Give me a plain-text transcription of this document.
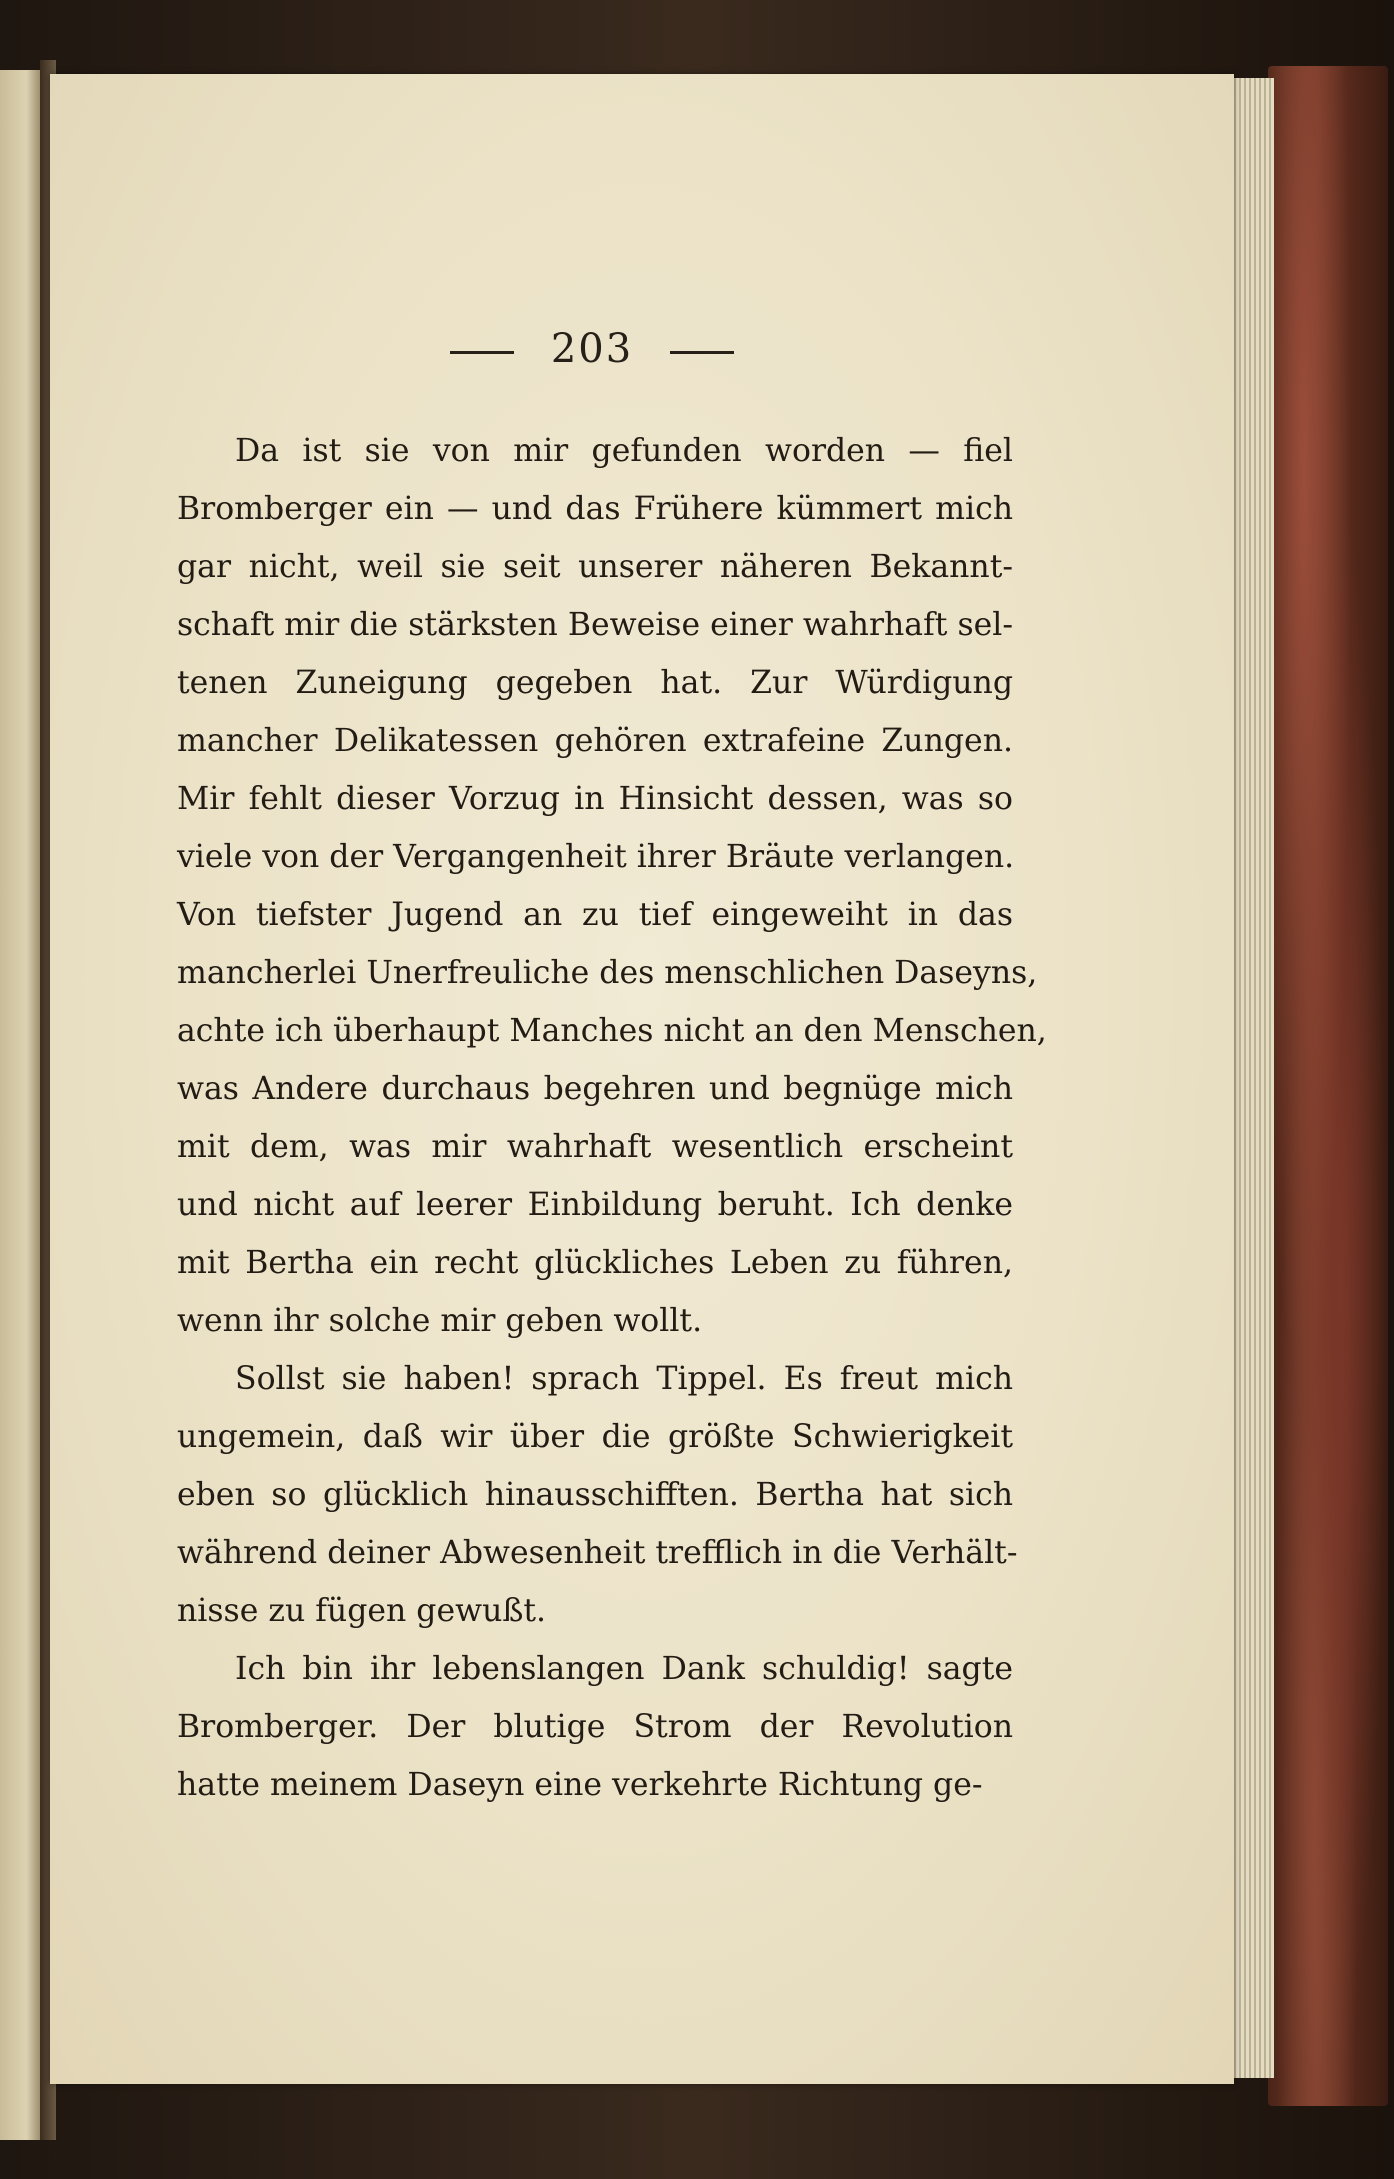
203
Da ist sie von mir gefunden worden — fiel
Bromberger ein — und das Frühere kümmert mich
gar nicht, weil sie seit unserer näheren Bekannt-
schaft mir die stärksten Beweise einer wahrhaft sel-
tenen Zuneigung gegeben hat. Zur Würdigung
mancher Delikatessen gehören extrafeine Zungen.
Mir fehlt dieser Vorzug in Hinsicht dessen, was so
viele von der Vergangenheit ihrer Bräute verlangen.
Von tiefster Jugend an zu tief eingeweiht in das
mancherlei Unerfreuliche des menschlichen Daseyns,
achte ich überhaupt Manches nicht an den Menschen,
was Andere durchaus begehren und begnüge mich
mit dem, was mir wahrhaft wesentlich erscheint
und nicht auf leerer Einbildung beruht. Ich denke
mit Bertha ein recht glückliches Leben zu führen,
wenn ihr solche mir geben wollt.
Sollst sie haben! sprach Tippel. Es freut mich
ungemein, daß wir über die größte Schwierigkeit
eben so glücklich hinausschifften. Bertha hat sich
während deiner Abwesenheit trefflich in die Verhält-
nisse zu fügen gewußt.
Ich bin ihr lebenslangen Dank schuldig! sagte
Bromberger. Der blutige Strom der Revolution
hatte meinem Daseyn eine verkehrte Richtung ge-
